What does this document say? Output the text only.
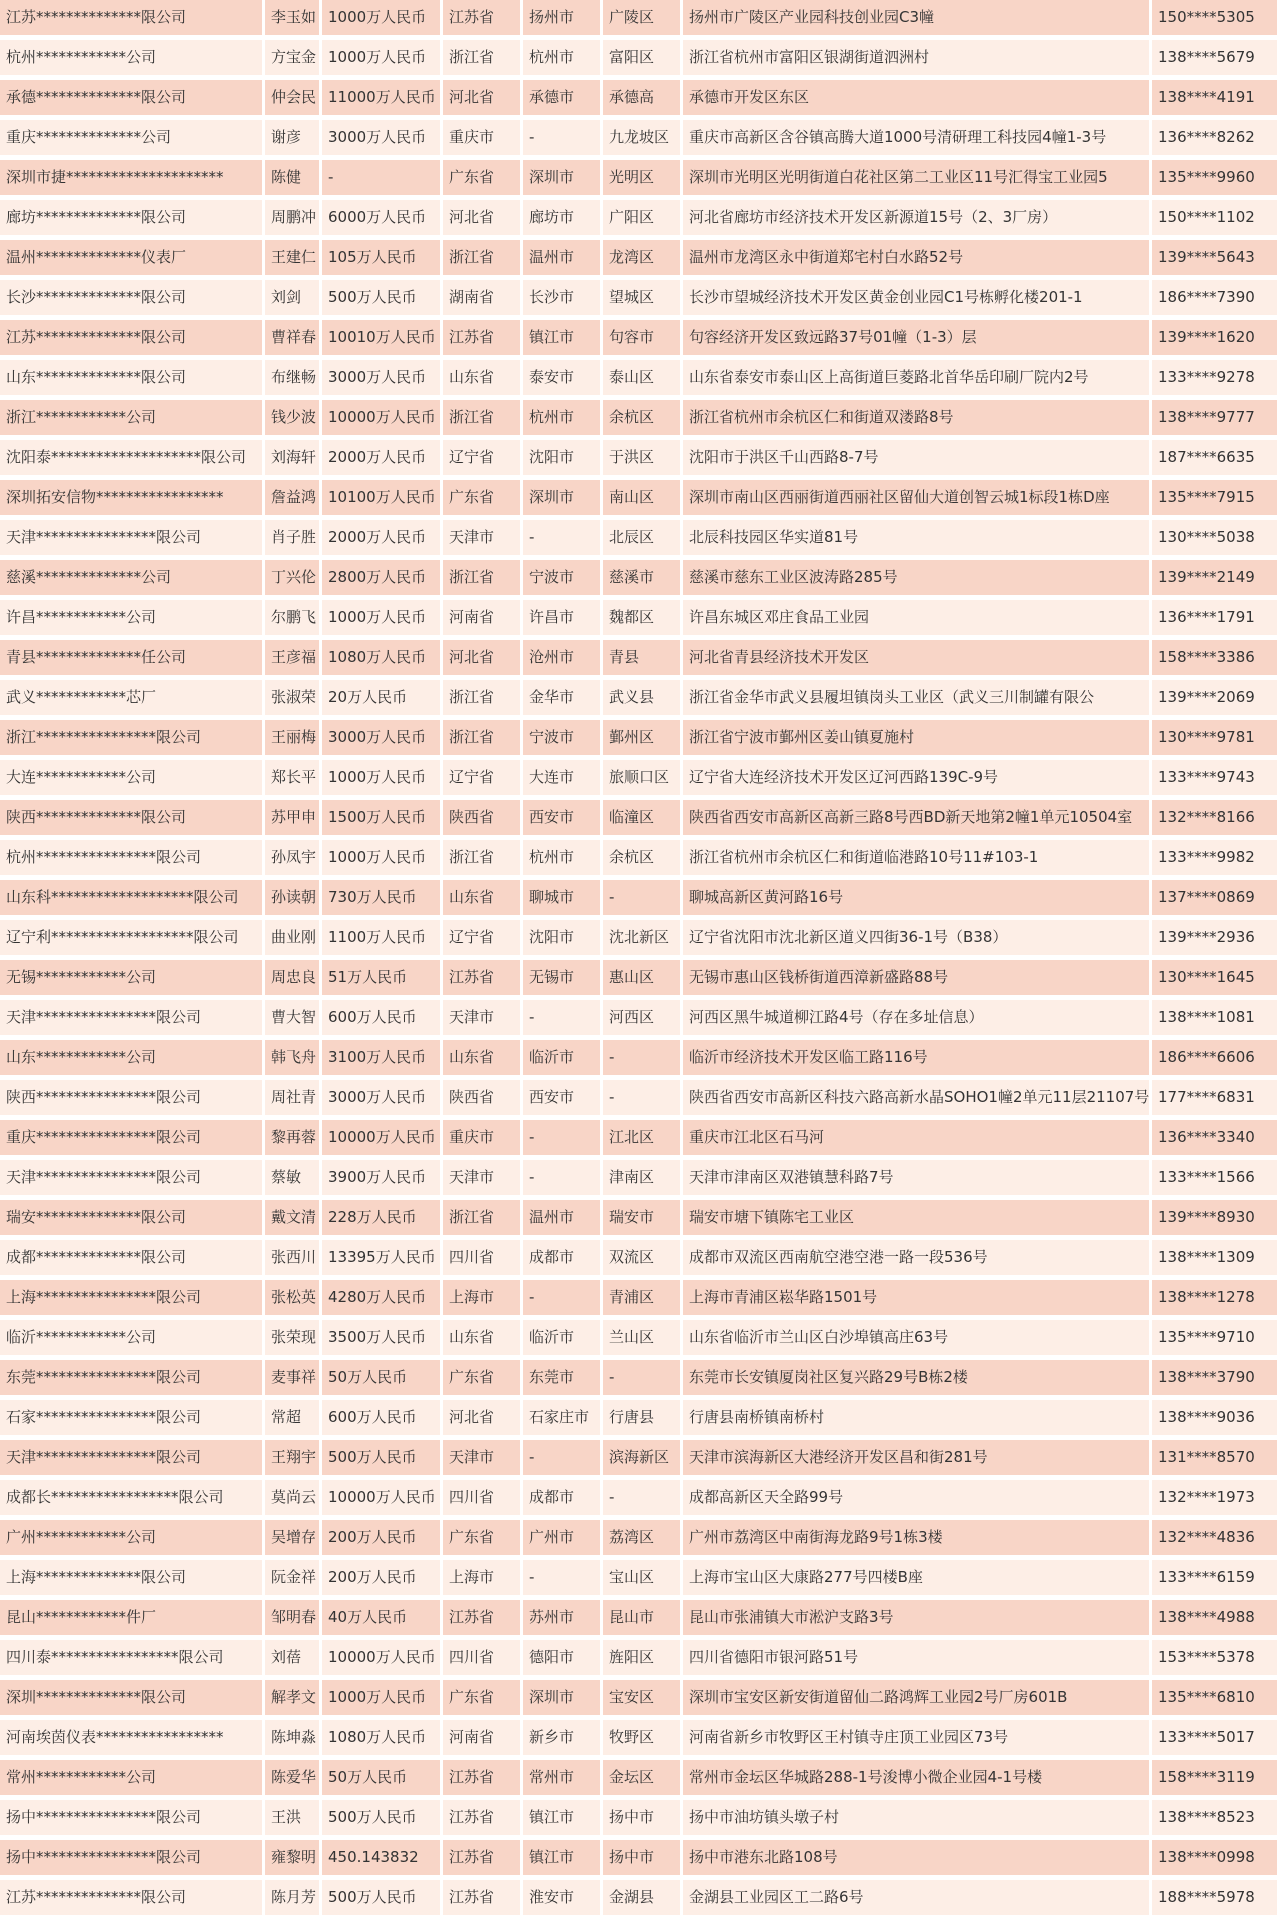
江苏**************限公司	李玉如	1000万人民币	江苏省	扬州市	广陵区	扬州市广陵区产业园科技创业园C3幢	150****5305
杭州************公司	方宝金	1000万人民币	浙江省	杭州市	富阳区	浙江省杭州市富阳区银湖街道泗洲村	138****5679
承德**************限公司	仲会民	11000万人民币	河北省	承德市	承德高	承德市开发区东区	138****4191
重庆**************公司	谢彦	3000万人民币	重庆市	-	九龙坡区	重庆市高新区含谷镇高腾大道1000号清研理工科技园4幢1-3号	136****8262
深圳市捷*********************	陈健	-	广东省	深圳市	光明区	深圳市光明区光明街道白花社区第二工业区11号汇得宝工业园5	135****9960
廊坊**************限公司	周鹏冲	6000万人民币	河北省	廊坊市	广阳区	河北省廊坊市经济技术开发区新源道15号（2、3厂房）	150****1102
温州**************仪表厂	王建仁	105万人民币	浙江省	温州市	龙湾区	温州市龙湾区永中街道郑宅村白水路52号	139****5643
长沙**************限公司	刘剑	500万人民币	湖南省	长沙市	望城区	长沙市望城经济技术开发区黄金创业园C1号栋孵化楼201-1	186****7390
江苏**************限公司	曹祥春	10010万人民币	江苏省	镇江市	句容市	句容经济开发区致远路37号01幢（1-3）层	139****1620
山东**************限公司	布继畅	3000万人民币	山东省	泰安市	泰山区	山东省泰安市泰山区上高街道巨菱路北首华岳印刷厂院内2号	133****9278
浙江************公司	钱少波	10000万人民币	浙江省	杭州市	余杭区	浙江省杭州市余杭区仁和街道双溇路8号	138****9777
沈阳泰********************限公司	刘海轩	2000万人民币	辽宁省	沈阳市	于洪区	沈阳市于洪区千山西路8-7号	187****6635
深圳拓安信物*****************	詹益鸿	10100万人民币	广东省	深圳市	南山区	深圳市南山区西丽街道西丽社区留仙大道创智云城1标段1栋D座	135****7915
天津****************限公司	肖子胜	2000万人民币	天津市	-	北辰区	北辰科技园区华实道81号	130****5038
慈溪**************公司	丁兴伦	2800万人民币	浙江省	宁波市	慈溪市	慈溪市慈东工业区波涛路285号	139****2149
许昌************公司	尔鹏飞	1000万人民币	河南省	许昌市	魏都区	许昌东城区邓庄食品工业园	136****1791
青县**************任公司	王彦福	1080万人民币	河北省	沧州市	青县	河北省青县经济技术开发区	158****3386
武义************芯厂	张淑荣	20万人民币	浙江省	金华市	武义县	浙江省金华市武义县履坦镇岗头工业区（武义三川制罐有限公	139****2069
浙江****************限公司	王丽梅	3000万人民币	浙江省	宁波市	鄞州区	浙江省宁波市鄞州区姜山镇夏施村	130****9781
大连************公司	郑长平	1000万人民币	辽宁省	大连市	旅顺口区	辽宁省大连经济技术开发区辽河西路139C-9号	133****9743
陕西**************限公司	苏甲申	1500万人民币	陕西省	西安市	临潼区	陕西省西安市高新区高新三路8号西BD新天地第2幢1单元10504室	132****8166
杭州****************限公司	孙凤宇	1000万人民币	浙江省	杭州市	余杭区	浙江省杭州市余杭区仁和街道临港路10号11#103-1	133****9982
山东科*******************限公司	孙读朝	730万人民币	山东省	聊城市	-	聊城高新区黄河路16号	137****0869
辽宁利*******************限公司	曲业刚	1100万人民币	辽宁省	沈阳市	沈北新区	辽宁省沈阳市沈北新区道义四街36-1号（B38）	139****2936
无锡************公司	周忠良	51万人民币	江苏省	无锡市	惠山区	无锡市惠山区钱桥街道西漳新盛路88号	130****1645
天津****************限公司	曹大智	600万人民币	天津市	-	河西区	河西区黑牛城道柳江路4号（存在多址信息）	138****1081
山东************公司	韩飞舟	3100万人民币	山东省	临沂市	-	临沂市经济技术开发区临工路116号	186****6606
陕西****************限公司	周社青	3000万人民币	陕西省	西安市	-	陕西省西安市高新区科技六路高新水晶SOHO1幢2单元11层21107号	177****6831
重庆****************限公司	黎再蓉	10000万人民币	重庆市	-	江北区	重庆市江北区石马河	136****3340
天津****************限公司	蔡敏	3900万人民币	天津市	-	津南区	天津市津南区双港镇慧科路7号	133****1566
瑞安**************限公司	戴文清	228万人民币	浙江省	温州市	瑞安市	瑞安市塘下镇陈宅工业区	139****8930
成都**************限公司	张西川	13395万人民币	四川省	成都市	双流区	成都市双流区西南航空港空港一路一段536号	138****1309
上海****************限公司	张松英	4280万人民币	上海市	-	青浦区	上海市青浦区崧华路1501号	138****1278
临沂************公司	张荣现	3500万人民币	山东省	临沂市	兰山区	山东省临沂市兰山区白沙埠镇高庄63号	135****9710
东莞****************限公司	麦事祥	50万人民币	广东省	东莞市	-	东莞市长安镇厦岗社区复兴路29号B栋2楼	138****3790
石家****************限公司	常超	600万人民币	河北省	石家庄市	行唐县	行唐县南桥镇南桥村	138****9036
天津****************限公司	王翔宇	500万人民币	天津市	-	滨海新区	天津市滨海新区大港经济开发区昌和街281号	131****8570
成都长*****************限公司	莫尚云	10000万人民币	四川省	成都市	-	成都高新区天全路99号	132****1973
广州************公司	吴增存	200万人民币	广东省	广州市	荔湾区	广州市荔湾区中南街海龙路9号1栋3楼	132****4836
上海**************限公司	阮金祥	200万人民币	上海市	-	宝山区	上海市宝山区大康路277号四楼B座	133****6159
昆山************件厂	邹明春	40万人民币	江苏省	苏州市	昆山市	昆山市张浦镇大市淞沪支路3号	138****4988
四川泰*****************限公司	刘蓓	10000万人民币	四川省	德阳市	旌阳区	四川省德阳市银河路51号	153****5378
深圳**************限公司	解孝文	1000万人民币	广东省	深圳市	宝安区	深圳市宝安区新安街道留仙二路鸿辉工业园2号厂房601B	135****6810
河南埃茵仪表*****************	陈坤淼	1080万人民币	河南省	新乡市	牧野区	河南省新乡市牧野区王村镇寺庄顶工业园区73号	133****5017
常州************公司	陈爱华	50万人民币	江苏省	常州市	金坛区	常州市金坛区华城路288-1号浚博小微企业园4-1号楼	158****3119
扬中****************限公司	王洪	500万人民币	江苏省	镇江市	扬中市	扬中市油坊镇头墩子村	138****8523
扬中****************限公司	雍黎明	450.143832	江苏省	镇江市	扬中市	扬中市港东北路108号	138****0998
江苏**************限公司	陈月芳	500万人民币	江苏省	淮安市	金湖县	金湖县工业园区工二路6号	188****5978
